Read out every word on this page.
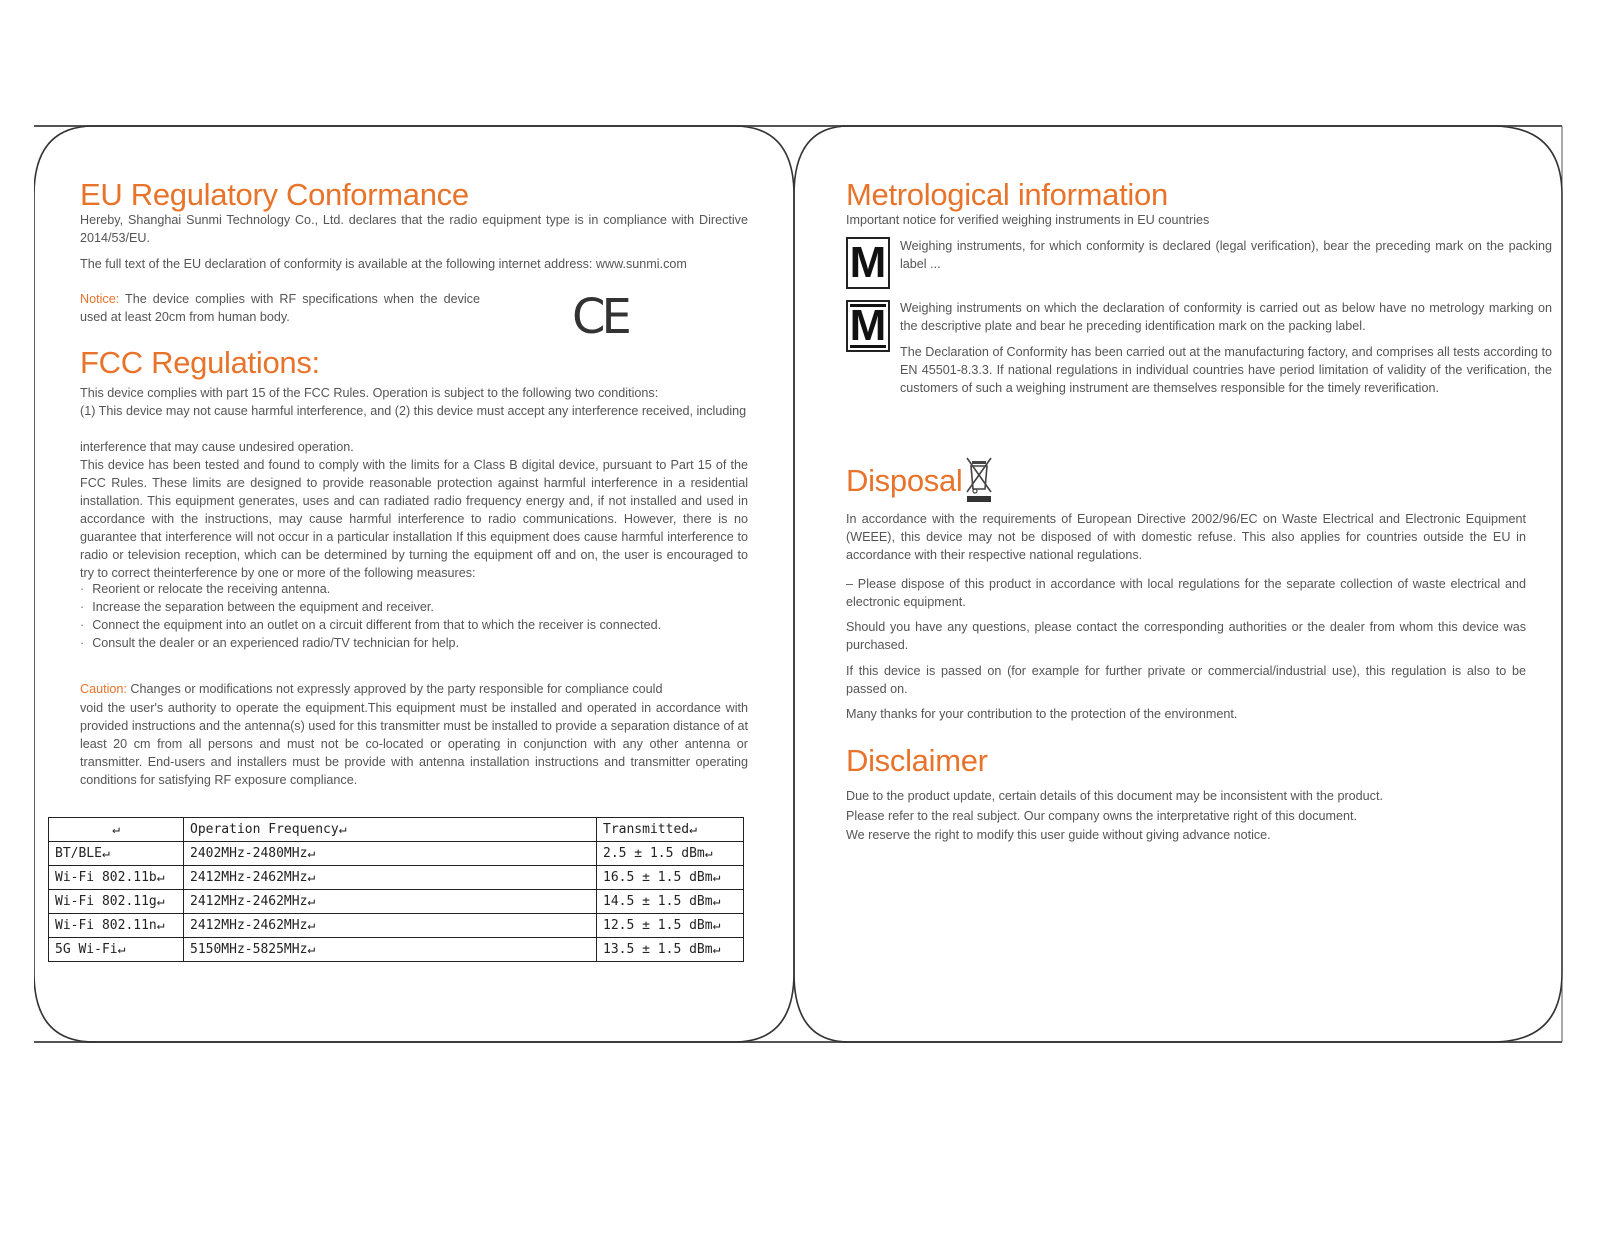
EU Regulatory Conformance

Hereby, Shanghai Sunmi Technology Co., Ltd. declares that the radio equipment type is in compliance with Directive 2014/53/EU.

The full text of the EU declaration of conformity is available at the following internet address: www.sunmi.com

Notice: The device complies with RF specifications when the device used at least 20cm from human body.	CE
FCC Regulations:

This device complies with part 15 of the FCC Rules. Operation is subject to the following two conditions:

(1) This device may not cause harmful interference, and (2) this device must accept any interference received, including

interference that may cause undesired operation.

This device has been tested and found to comply with the limits for a Class B digital device, pursuant to Part 15 of the FCC Rules. These limits are designed to provide reasonable protection against harmful interference in a residential installation. This equipment generates, uses and can radiated radio frequency energy and, if not installed and used in accordance with the instructions, may cause harmful interference to radio communications. However, there is no guarantee that interference will not occur in a particular installation If this equipment does cause harmful interference to radio or television reception, which can be determined by turning the equipment off and on, the user is encouraged to try to correct theinterference by one or more of the following measures:

· Reorient or relocate the receiving antenna.

· Increase the separation between the equipment and receiver.

· Connect the equipment into an outlet on a circuit different from that to which the receiver is connected.

· Consult the dealer or an experienced radio/TV technician for help.

Caution: Changes or modifications not expressly approved by the party responsible for compliance could

void the user's authority to operate the equipment.This equipment must be installed and operated in accordance with provided instructions and the antenna(s) used for this transmitter must be installed to provide a separation distance of at least 20 cm from all persons and must not be co-located or operating in conjunction with any other antenna or transmitter. End-users and installers must be provide with antenna installation instructions and transmitter operating conditions for satisfying RF exposure compliance.

↵	Operation Frequency↵	Transmitted↵
BT/BLE↵	2402MHz-2480MHz↵	2.5 ± 1.5 dBm↵
Wi-Fi 802.11b↵	2412MHz-2462MHz↵	16.5 ± 1.5 dBm↵
Wi-Fi 802.11g↵	2412MHz-2462MHz↵	14.5 ± 1.5 dBm↵
Wi-Fi 802.11n↵	2412MHz-2462MHz↵	12.5 ± 1.5 dBm↵
5G Wi-Fi↵	5150MHz-5825MHz↵	13.5 ± 1.5 dBm↵
Metrological information

Important notice for verified weighing instruments in EU countries

M Weighing instruments, for which conformity is declared (legal verification), bear the preceding mark on the packing label ...

M Weighing instruments on which the declaration of conformity is carried out as below have no metrology marking on the descriptive plate and bear he preceding identification mark on the packing label.

The Declaration of Conformity has been carried out at the manufacturing factory, and comprises all tests according to EN 45501-8.3.3. If national regulations in individual countries have period limitation of validity of the verification, the customers of such a weighing instrument are themselves responsible for the timely reverification.

Disposal

In accordance with the requirements of European Directive 2002/96/EC on Waste Electrical and Electronic Equipment (WEEE), this device may not be disposed of with domestic refuse. This also applies for countries outside the EU in accordance with their respective national regulations.

– Please dispose of this product in accordance with local regulations for the separate collection of waste electrical and electronic equipment.

Should you have any questions, please contact the corresponding authorities or the dealer from whom this device was purchased.

If this device is passed on (for example for further private or commercial/industrial use), this regulation is also to be passed on.

Many thanks for your contribution to the protection of the environment.

Disclaimer

Due to the product update, certain details of this document may be inconsistent with the product.

Please refer to the real subject. Our company owns the interpretative right of this document.

We reserve the right to modify this user guide without giving advance notice.
